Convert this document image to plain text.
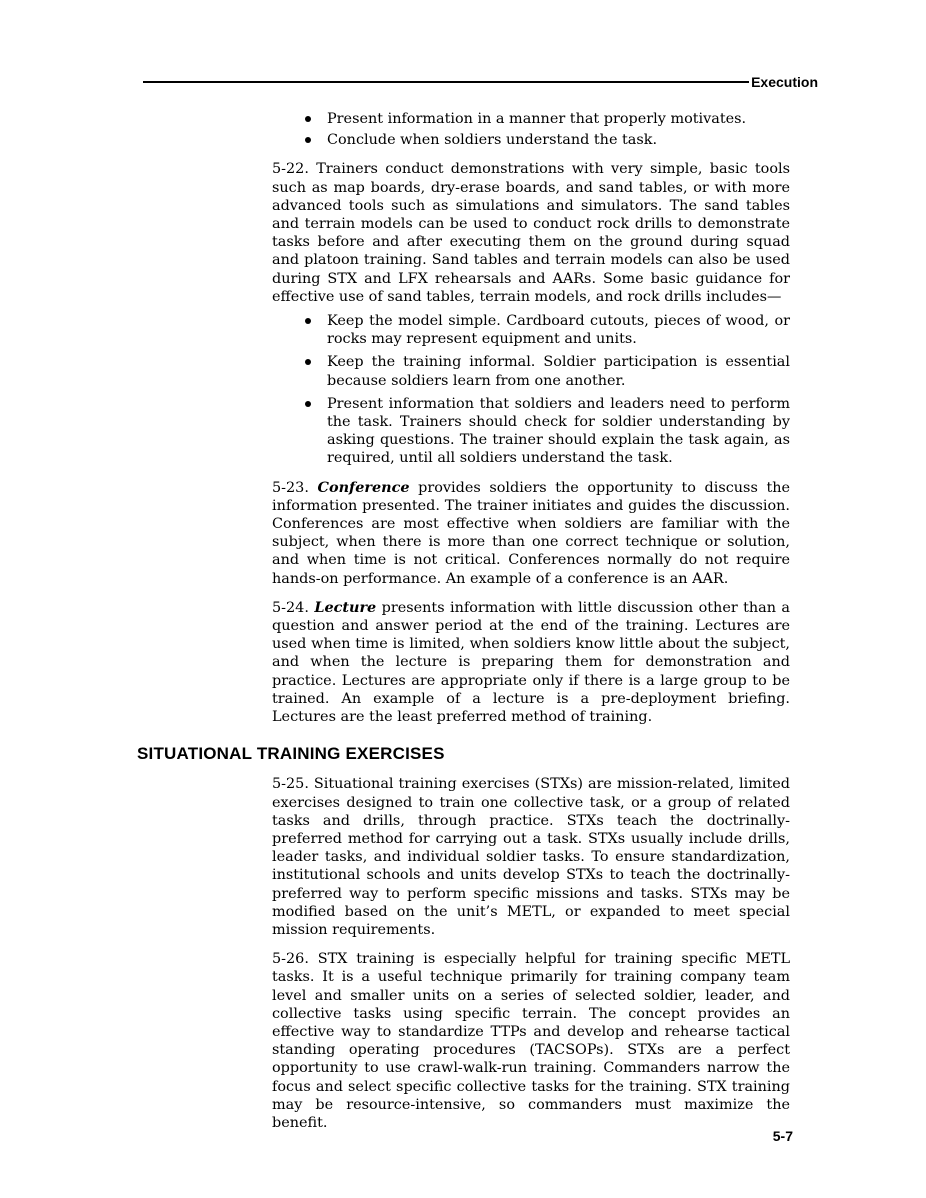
Execution
Present information in a manner that properly motivates.
Conclude when soldiers understand the task.

5-22. Trainers conduct demonstrations with very simple, basic tools such as map boards, dry-erase boards, and sand tables, or with more advanced tools such as simulations and simulators. The sand tables and terrain models can be used to conduct rock drills to demonstrate tasks before and after executing them on the ground during squad and platoon training. Sand tables and terrain models can also be used during STX and LFX rehearsals and AARs. Some basic guidance for effective use of sand tables, terrain models, and rock drills includes—

Keep the model simple. Cardboard cutouts, pieces of wood, or rocks may represent equipment and units.
Keep the training informal. Soldier participation is essential because soldiers learn from one another.
Present information that soldiers and leaders need to perform the task. Trainers should check for soldier understanding by asking questions. The trainer should explain the task again, as required, until all soldiers understand the task.

5-23. Conference provides soldiers the opportunity to discuss the information presented. The trainer initiates and guides the discussion. Conferences are most effective when soldiers are familiar with the subject, when there is more than one correct technique or solution, and when time is not critical. Conferences normally do not require hands-on performance. An example of a conference is an AAR.

5-24. Lecture presents information with little discussion other than a question and answer period at the end of the training. Lectures are used when time is limited, when soldiers know little about the subject, and when the lecture is preparing them for demonstration and practice. Lectures are appropriate only if there is a large group to be trained. An example of a lecture is a pre-deployment briefing. Lectures are the least preferred method of training.

SITUATIONAL TRAINING EXERCISES

5-25. Situational training exercises (STXs) are mission-related, limited exercises designed to train one collective task, or a group of related tasks and drills, through practice. STXs teach the doctrinally-preferred method for carrying out a task. STXs usually include drills, leader tasks, and individual soldier tasks. To ensure standardization, institutional schools and units develop STXs to teach the doctrinally-preferred way to perform specific missions and tasks. STXs may be modified based on the unit’s METL, or expanded to meet special mission requirements.

5-26. STX training is especially helpful for training specific METL tasks. It is a useful technique primarily for training company team level and smaller units on a series of selected soldier, leader, and collective tasks using specific terrain. The concept provides an effective way to standardize TTPs and develop and rehearse tactical standing operating procedures (TACSOPs). STXs are a perfect opportunity to use crawl-walk-run training. Commanders narrow the focus and select specific collective tasks for the training. STX training may be resource-intensive, so commanders must maximize the benefit.

5-7
